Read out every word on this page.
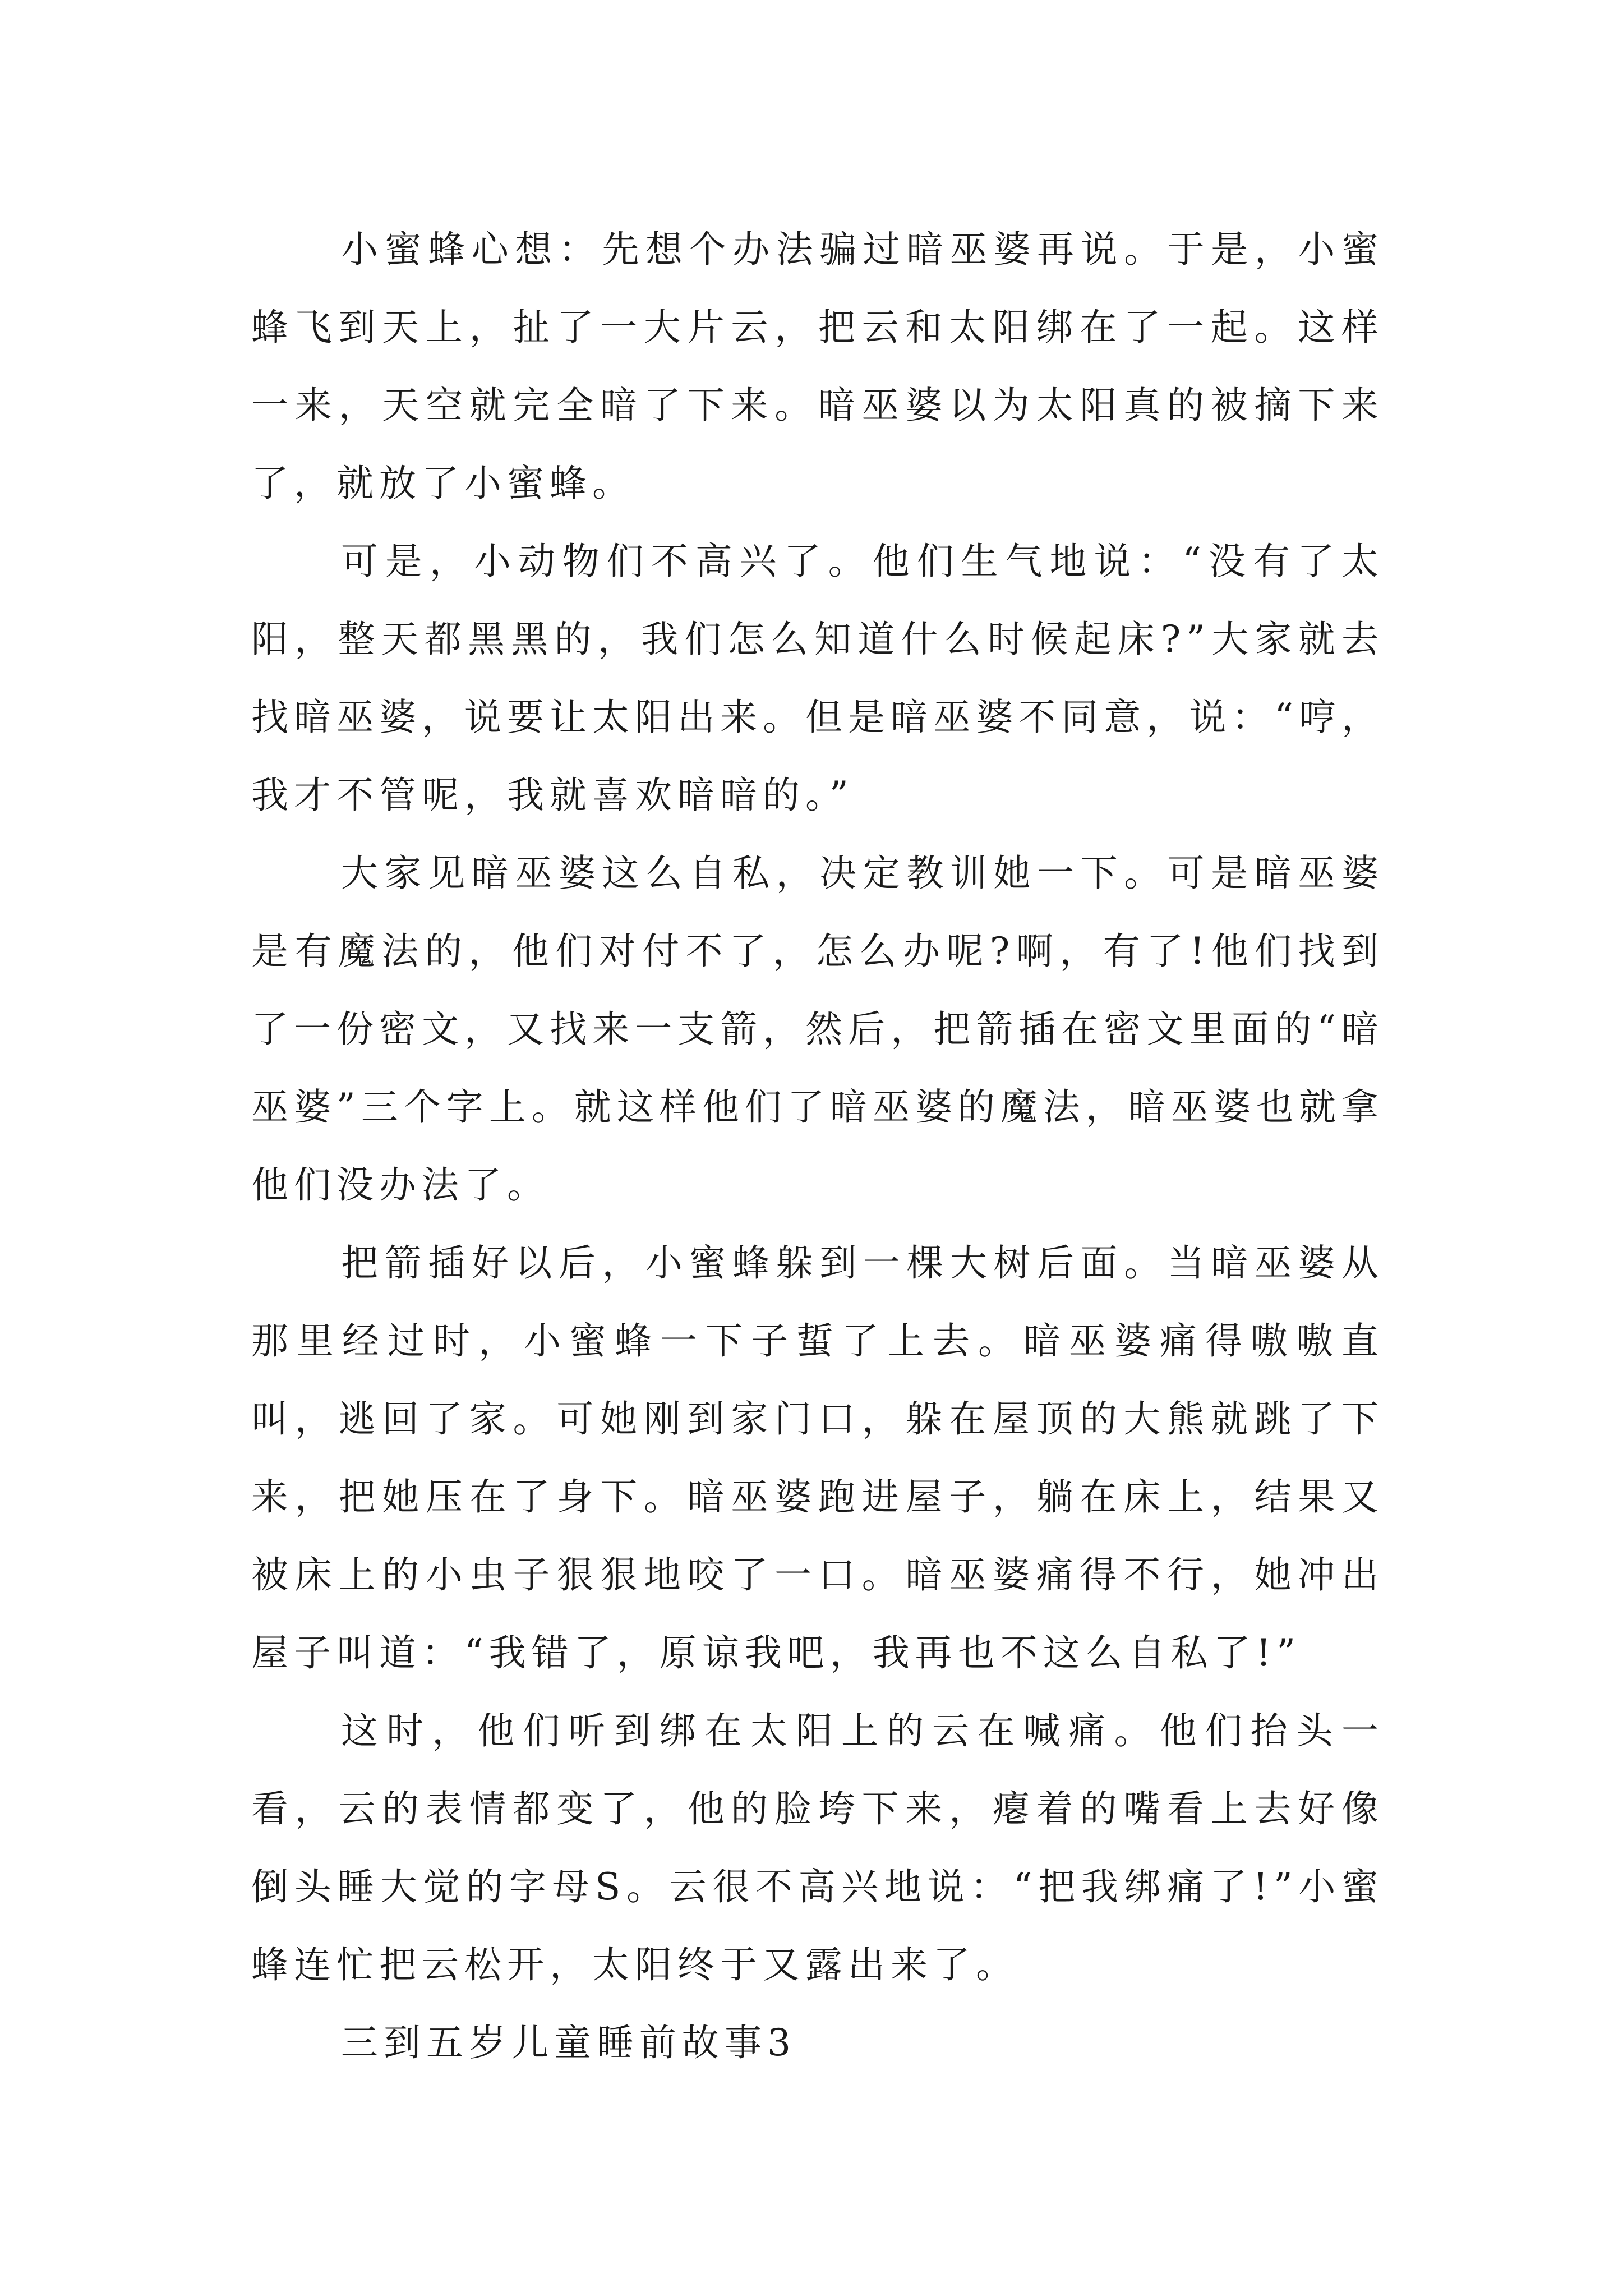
小蜜蜂心想：先想个办法骗过暗巫婆再说。于是，小蜜蜂飞到天上，扯了一大片云，把云和太阳绑在了一起。这样一来，天空就完全暗了下来。暗巫婆以为太阳真的被摘下来了，就放了小蜜蜂。

可是，小动物们不高兴了。他们生气地说：“没有了太阳，整天都黑黑的，我们怎么知道什么时候起床?”大家就去找暗巫婆，说要让太阳出来。但是暗巫婆不同意，说：“哼，我才不管呢，我就喜欢暗暗的。”

大家见暗巫婆这么自私，决定教训她一下。可是暗巫婆是有魔法的，他们对付不了，怎么办呢?啊，有了!他们找到了一份密文，又找来一支箭，然后，把箭插在密文里面的“暗巫婆”三个字上。就这样他们了暗巫婆的魔法，暗巫婆也就拿他们没办法了。

把箭插好以后，小蜜蜂躲到一棵大树后面。当暗巫婆从那里经过时，小蜜蜂一下子蜇了上去。暗巫婆痛得嗷嗷直叫，逃回了家。可她刚到家门口，躲在屋顶的大熊就跳了下来，把她压在了身下。暗巫婆跑进屋子，躺在床上，结果又被床上的小虫子狠狠地咬了一口。暗巫婆痛得不行，她冲出屋子叫道：“我错了，原谅我吧，我再也不这么自私了!”

这时，他们听到绑在太阳上的云在喊痛。他们抬头一看，云的表情都变了，他的脸垮下来，瘪着的嘴看上去好像倒头睡大觉的字母S。云很不高兴地说：“把我绑痛了!”小蜜蜂连忙把云松开，太阳终于又露出来了。

三到五岁儿童睡前故事3
